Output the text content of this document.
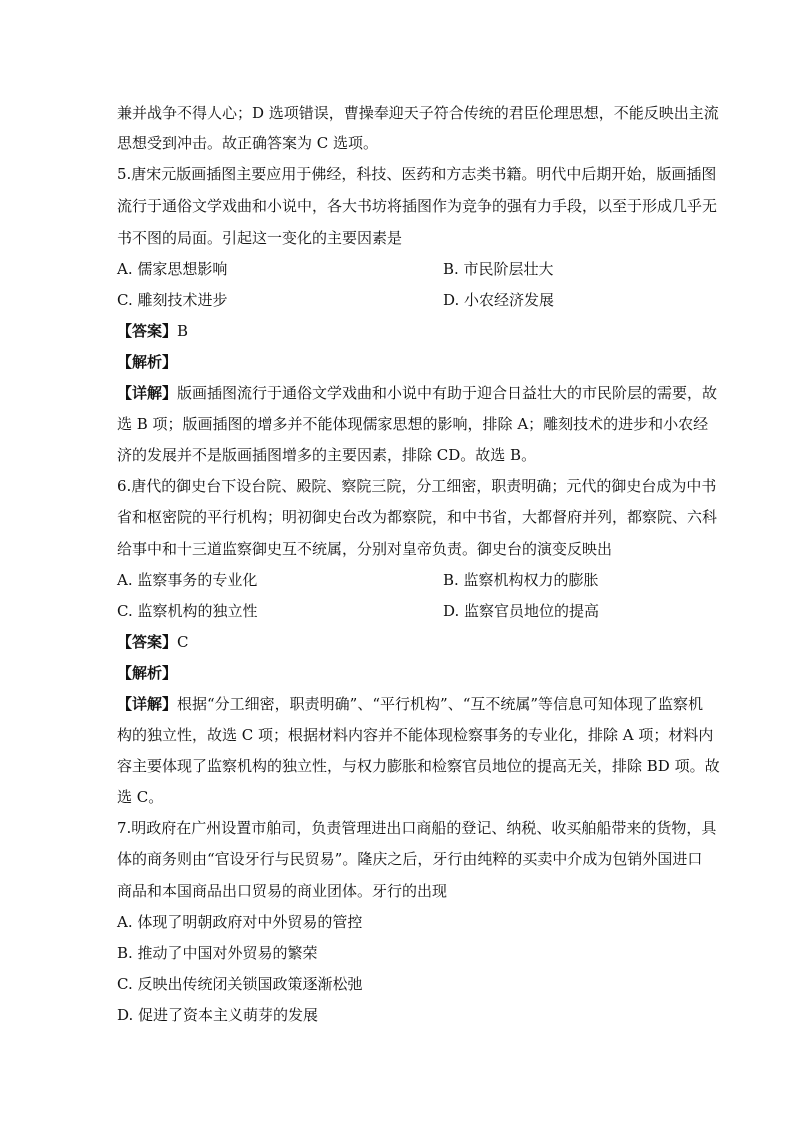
兼并战争不得人心；D 选项错误，曹操奉迎天子符合传统的君臣伦理思想，不能反映出主流
思想受到冲击。故正确答案为 C 选项。
5.唐宋元版画插图主要应用于佛经，科技、医药和方志类书籍。明代中后期开始，版画插图
流行于通俗文学戏曲和小说中，各大书坊将插图作为竞争的强有力手段，以至于形成几乎无
书不图的局面。引起这一变化的主要因素是
A. 儒家思想影响	B. 市民阶层壮大
C. 雕刻技术进步	D. 小农经济发展
【答案】B
【解析】
【详解】版画插图流行于通俗文学戏曲和小说中有助于迎合日益壮大的市民阶层的需要，故
选 B 项；版画插图的增多并不能体现儒家思想的影响，排除 A；雕刻技术的进步和小农经
济的发展并不是版画插图增多的主要因素，排除 CD。故选 B。
6.唐代的御史台下设台院、殿院、察院三院，分工细密，职责明确；元代的御史台成为中书
省和枢密院的平行机构；明初御史台改为都察院，和中书省，大都督府并列，都察院、六科
给事中和十三道监察御史互不统属，分别对皇帝负责。御史台的演变反映出
A. 监察事务的专业化	B. 监察机构权力的膨胀
C. 监察机构的独立性	D. 监察官员地位的提高
【答案】C
【解析】
【详解】根据“分工细密，职责明确”、“平行机构”、“互不统属”等信息可知体现了监察机
构的独立性，故选 C 项；根据材料内容并不能体现检察事务的专业化，排除 A 项；材料内
容主要体现了监察机构的独立性，与权力膨胀和检察官员地位的提高无关，排除 BD 项。故
选 C。
7.明政府在广州设置市舶司，负责管理进出口商船的登记、纳税、收买舶船带来的货物，具
体的商务则由“官设牙行与民贸易”。隆庆之后，牙行由纯粹的买卖中介成为包销外国进口
商品和本国商品出口贸易的商业团体。牙行的出现
A. 体现了明朝政府对中外贸易的管控
B. 推动了中国对外贸易的繁荣
C. 反映出传统闭关锁国政策逐渐松弛
D. 促进了资本主义萌芽的发展
